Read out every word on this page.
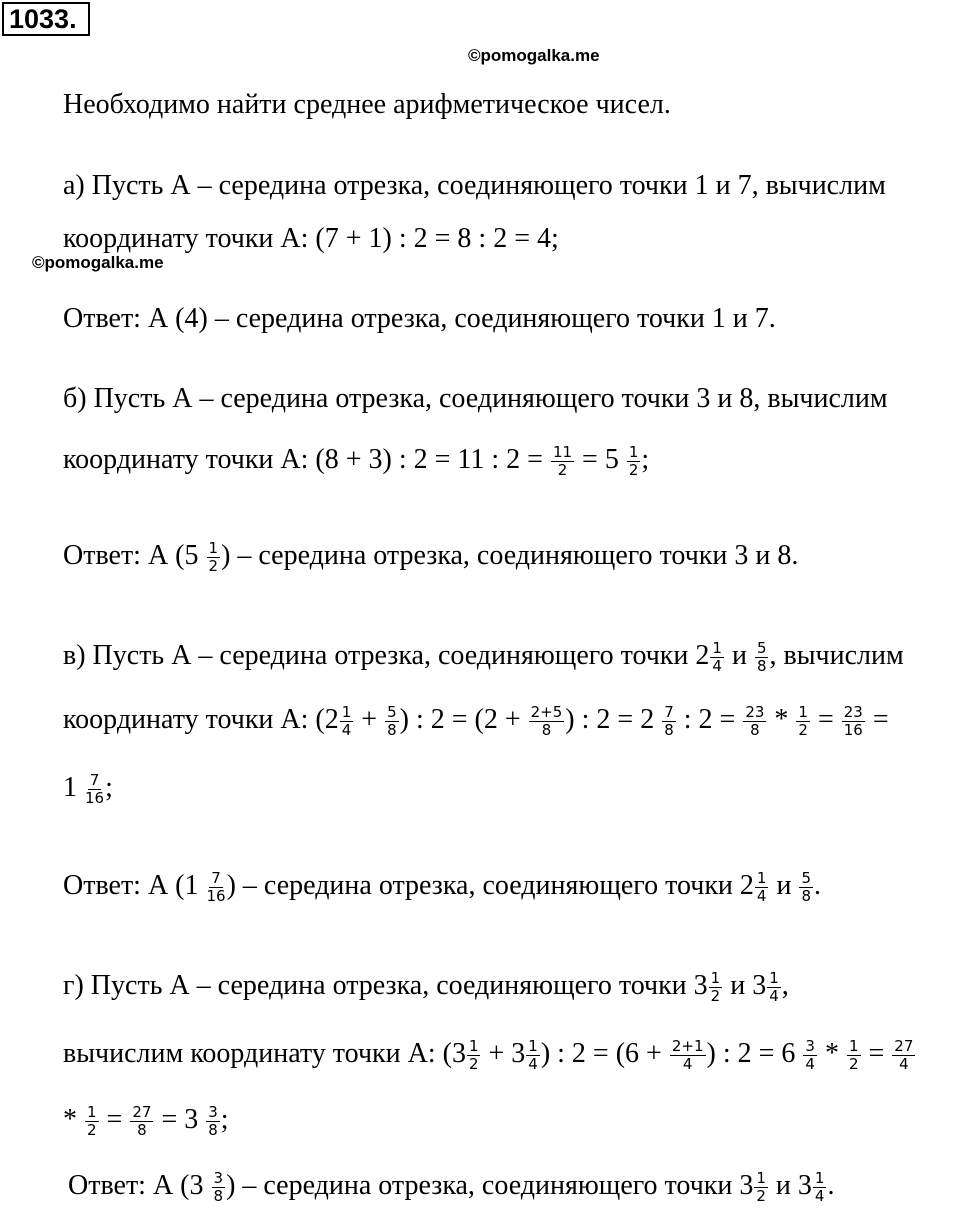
1033.
©pomogalka.me
©pomogalka.me
Необходимо найти среднее арифметическое чисел.
а) Пусть А – середина отрезка, соединяющего точки 1 и 7, вычислим
координату точки А: (7 + 1) : 2 = 8 : 2 = 4;
Ответ: А (4) – середина отрезка, соединяющего точки 1 и 7.
б) Пусть А – середина отрезка, соединяющего точки 3 и 8, вычислим
координату точки А: (8 + 3) : 2 = 11 : $2 = \frac{11}{2} = 5 \frac{1}{2}$ ;
Ответ: А ($5 \frac{1}{2}$ ) – середина отрезка, соединяющего точки 3 и 8.
в) Пусть А – середина отрезка, соединяющего точки $2 \frac{1}{4}$ и $\frac{5}{8}$ , вычислим
координату точки А: ($2 \frac{1}{4} + \frac{5}{8}$ ) : $2 = (2 + \frac{2+5}{8}$ ) : $2 = 2 \frac{7}{8}$ : $2 = \frac{23}{8} * \frac{1}{2} = \frac{23}{16}$ =
$1 \frac{7}{16}$ ;
Ответ: А ($1 \frac{7}{16}$ ) – середина отрезка, соединяющего точки $2 \frac{1}{4}$ и $\frac{5}{8}$ .
г) Пусть А – середина отрезка, соединяющего точки $3 \frac{1}{2}$ и $3 \frac{1}{4}$ ,
вычислим координату точки А: ($3 \frac{1}{2} + 3 \frac{1}{4}$ ) : $2 = (6 + \frac{2+1}{4}$ ) : $2 = 6 \frac{3}{4} * \frac{1}{2} = \frac{27}{4}$
* $\frac{1}{2} = \frac{27}{8} = 3 \frac{3}{8}$ ;
Ответ: А ($3 \frac{3}{8}$ ) – середина отрезка, соединяющего точки $3 \frac{1}{2}$ и $3 \frac{1}{4}$ .
